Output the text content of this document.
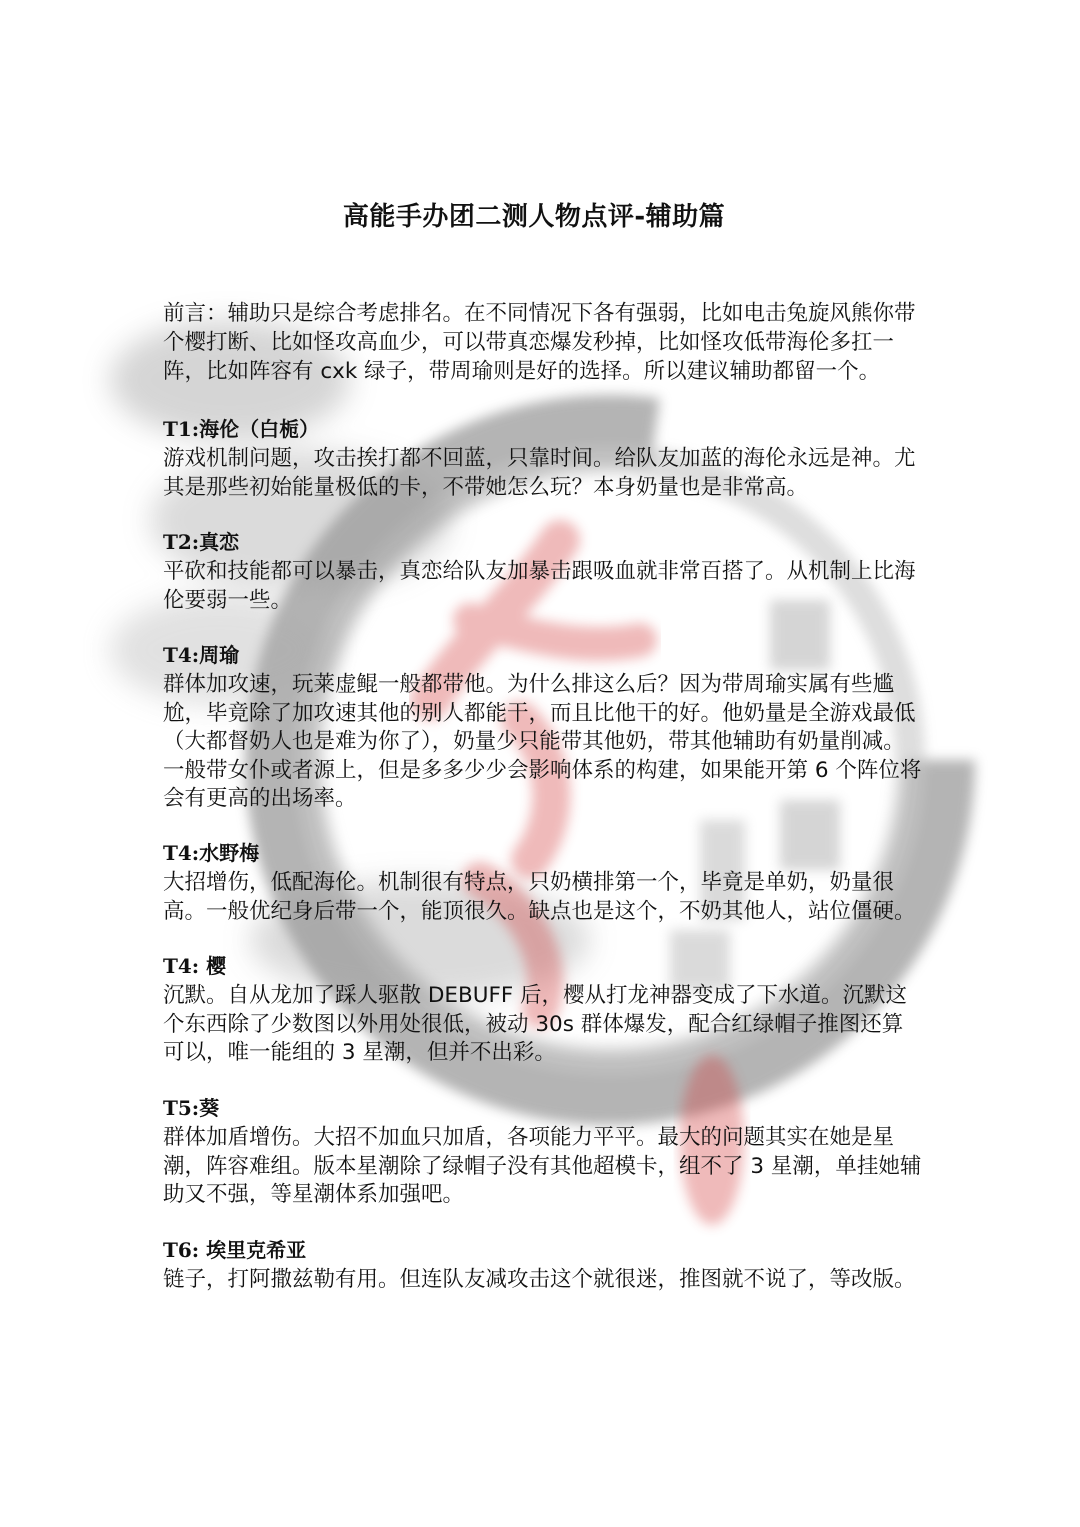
高能手办团二测人物点评-辅助篇

前言：辅助只是综合考虑排名。在不同情况下各有强弱，比如电击兔旋风熊你带个樱打断、比如怪攻高血少，可以带真恋爆发秒掉，比如怪攻低带海伦多扛一阵，比如阵容有 cxk 绿子，带周瑜则是好的选择。所以建议辅助都留一个。

T1:海伦（白栀）

游戏机制问题，攻击挨打都不回蓝，只靠时间。给队友加蓝的海伦永远是神。尤其是那些初始能量极低的卡，不带她怎么玩？本身奶量也是非常高。

T2:真恋

平砍和技能都可以暴击，真恋给队友加暴击跟吸血就非常百搭了。从机制上比海伦要弱一些。

T4:周瑜

群体加攻速，玩莱虚鲲一般都带他。为什么排这么后？因为带周瑜实属有些尴尬，毕竟除了加攻速其他的别人都能干，而且比他干的好。他奶量是全游戏最低（大都督奶人也是难为你了），奶量少只能带其他奶，带其他辅助有奶量削减。一般带女仆或者源上，但是多多少少会影响体系的构建，如果能开第 6 个阵位将会有更高的出场率。

T4:水野梅

大招增伤，低配海伦。机制很有特点，只奶横排第一个，毕竟是单奶，奶量很高。一般优纪身后带一个，能顶很久。缺点也是这个，不奶其他人，站位僵硬。

T4: 樱

沉默。自从龙加了踩人驱散 DEBUFF 后，樱从打龙神器变成了下水道。沉默这个东西除了少数图以外用处很低，被动 30s 群体爆发，配合红绿帽子推图还算可以，唯一能组的 3 星潮，但并不出彩。

T5:葵

群体加盾增伤。大招不加血只加盾，各项能力平平。最大的问题其实在她是星潮，阵容难组。版本星潮除了绿帽子没有其他超模卡，组不了 3 星潮，单挂她辅助又不强，等星潮体系加强吧。

T6: 埃里克希亚

链子，打阿撒兹勒有用。但连队友减攻击这个就很迷，推图就不说了，等改版。
